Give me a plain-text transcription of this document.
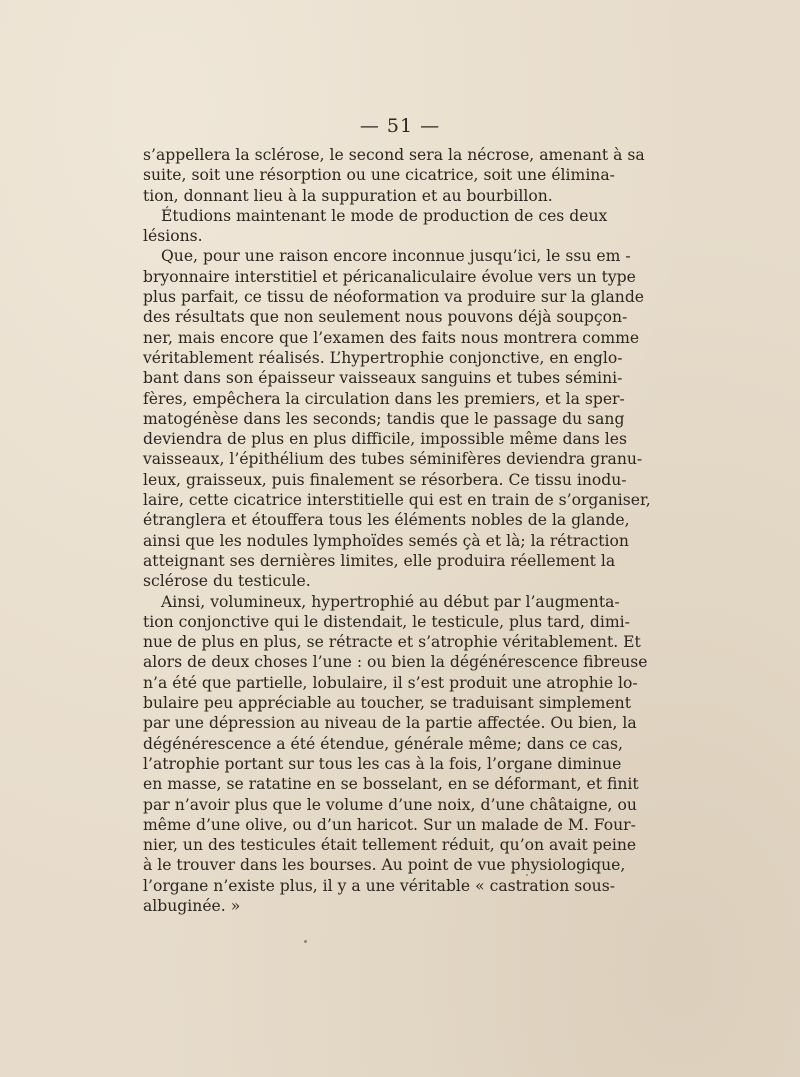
— 51 —
s’appellera la sclérose, le second sera la nécrose, amenant à sa
suite, soit une résorption ou une cicatrice, soit une élimina-
tion, donnant lieu à la suppuration et au bourbillon.
Étudions maintenant le mode de production de ces deux
lésions.
Que, pour une raison encore inconnue jusqu’ici, le ssu em -
bryonnaire interstitiel et péricanaliculaire évolue vers un type
plus parfait, ce tissu de néoformation va produire sur la glande
des résultats que non seulement nous pouvons déjà soupçon-
ner, mais encore que l’examen des faits nous montrera comme
véritablement réalisés. L’hypertrophie conjonctive, en englo-
bant dans son épaisseur vaisseaux sanguins et tubes sémini-
fères, empêchera la circulation dans les premiers, et la sper-
matogénèse dans les seconds; tandis que le passage du sang
deviendra de plus en plus difficile, impossible même dans les
vaisseaux, l’épithélium des tubes séminifères deviendra granu-
leux, graisseux, puis finalement se résorbera. Ce tissu inodu-
laire, cette cicatrice interstitielle qui est en train de s’organiser,
étranglera et étouffera tous les éléments nobles de la glande,
ainsi que les nodules lymphoïdes semés çà et là; la rétraction
atteignant ses dernières limites, elle produira réellement la
sclérose du testicule.
Ainsi, volumineux, hypertrophié au début par l’augmenta-
tion conjonctive qui le distendait, le testicule, plus tard, dimi-
nue de plus en plus, se rétracte et s’atrophie véritablement. Et
alors de deux choses l’une : ou bien la dégénérescence fibreuse
n’a été que partielle, lobulaire, il s’est produit une atrophie lo-
bulaire peu appréciable au toucher, se traduisant simplement
par une dépression au niveau de la partie affectée. Ou bien, la
dégénérescence a été étendue, générale même; dans ce cas,
l’atrophie portant sur tous les cas à la fois, l’organe diminue
en masse, se ratatine en se bosselant, en se déformant, et finit
par n’avoir plus que le volume d’une noix, d’une châtaigne, ou
même d’une olive, ou d’un haricot. Sur un malade de M. Four-
nier, un des testicules était tellement réduit, qu’on avait peine
à le trouver dans les bourses. Au point de vue physiologique,
l’organe n’existe plus, il y a une véritable « castration sous-
albuginée. »
